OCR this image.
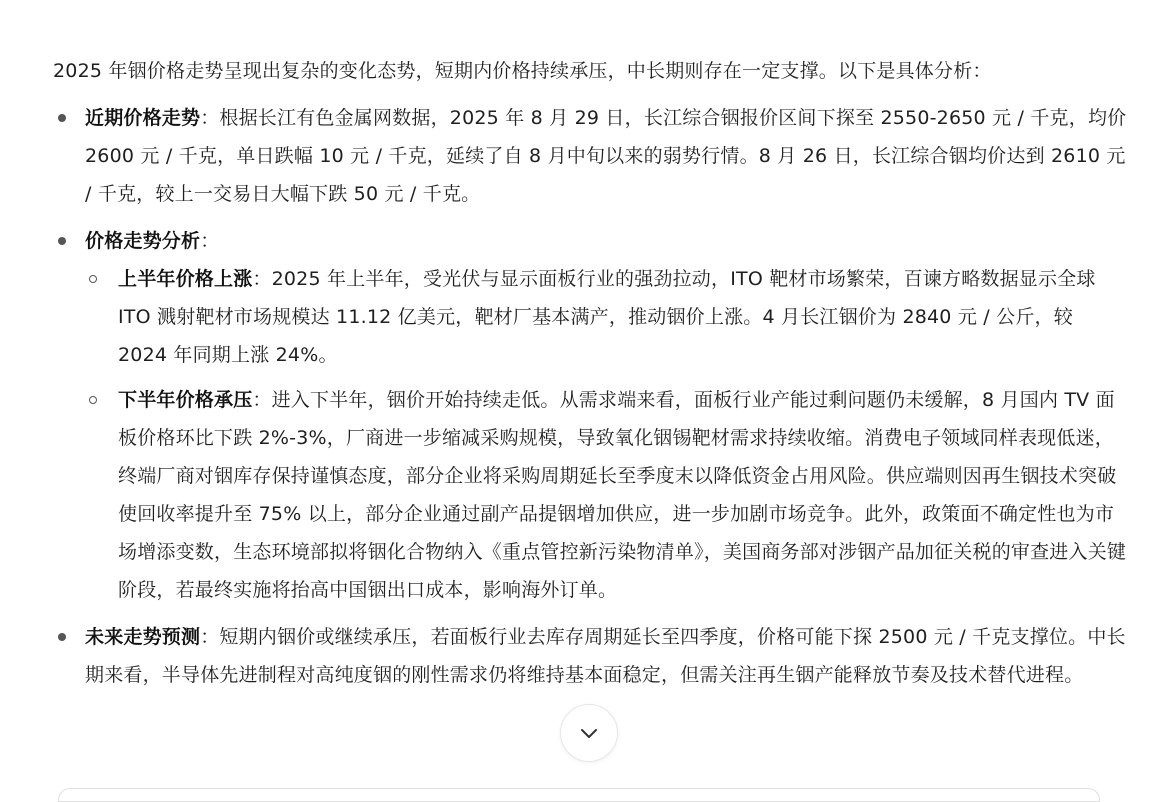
2025 年铟价格走势呈现出复杂的变化态势，短期内价格持续承压，中长期则存在一定支撑。以下是具体分析：

近期价格走势：根据长江有色金属网数据，2025 年 8 月 29 日，长江综合铟报价区间下探至 2550-2650 元 / 千克，均价 2600 元 / 千克，单日跌幅 10 元 / 千克，延续了自 8 月中旬以来的弱势行情。8 月 26 日，长江综合铟均价达到 2610 元 / 千克，较上一交易日大幅下跌 50 元 / 千克。
价格走势分析：
上半年价格上涨：2025 年上半年，受光伏与显示面板行业的强劲拉动，ITO 靶材市场繁荣，百谏方略数据显示全球 ITO 溅射靶材市场规模达 11.12 亿美元，靶材厂基本满产，推动铟价上涨。4 月长江铟价为 2840 元 / 公斤，较 2024 年同期上涨 24%。
下半年价格承压：进入下半年，铟价开始持续走低。从需求端来看，面板行业产能过剩问题仍未缓解，8 月国内 TV 面板价格环比下跌 2%-3%，厂商进一步缩减采购规模，导致氧化铟锡靶材需求持续收缩。消费电子领域同样表现低迷，终端厂商对铟库存保持谨慎态度，部分企业将采购周期延长至季度末以降低资金占用风险。供应端则因再生铟技术突破使回收率提升至 75% 以上，部分企业通过副产品提铟增加供应，进一步加剧市场竞争。此外，政策面不确定性也为市场增添变数，生态环境部拟将铟化合物纳入《重点管控新污染物清单》，美国商务部对涉铟产品加征关税的审查进入关键阶段，若最终实施将抬高中国铟出口成本，影响海外订单。
未来走势预测：短期内铟价或继续承压，若面板行业去库存周期延长至四季度，价格可能下探 2500 元 / 千克支撑位。中长期来看，半导体先进制程对高纯度铟的刚性需求仍将维持基本面稳定，但需关注再生铟产能释放节奏及技术替代进程。
